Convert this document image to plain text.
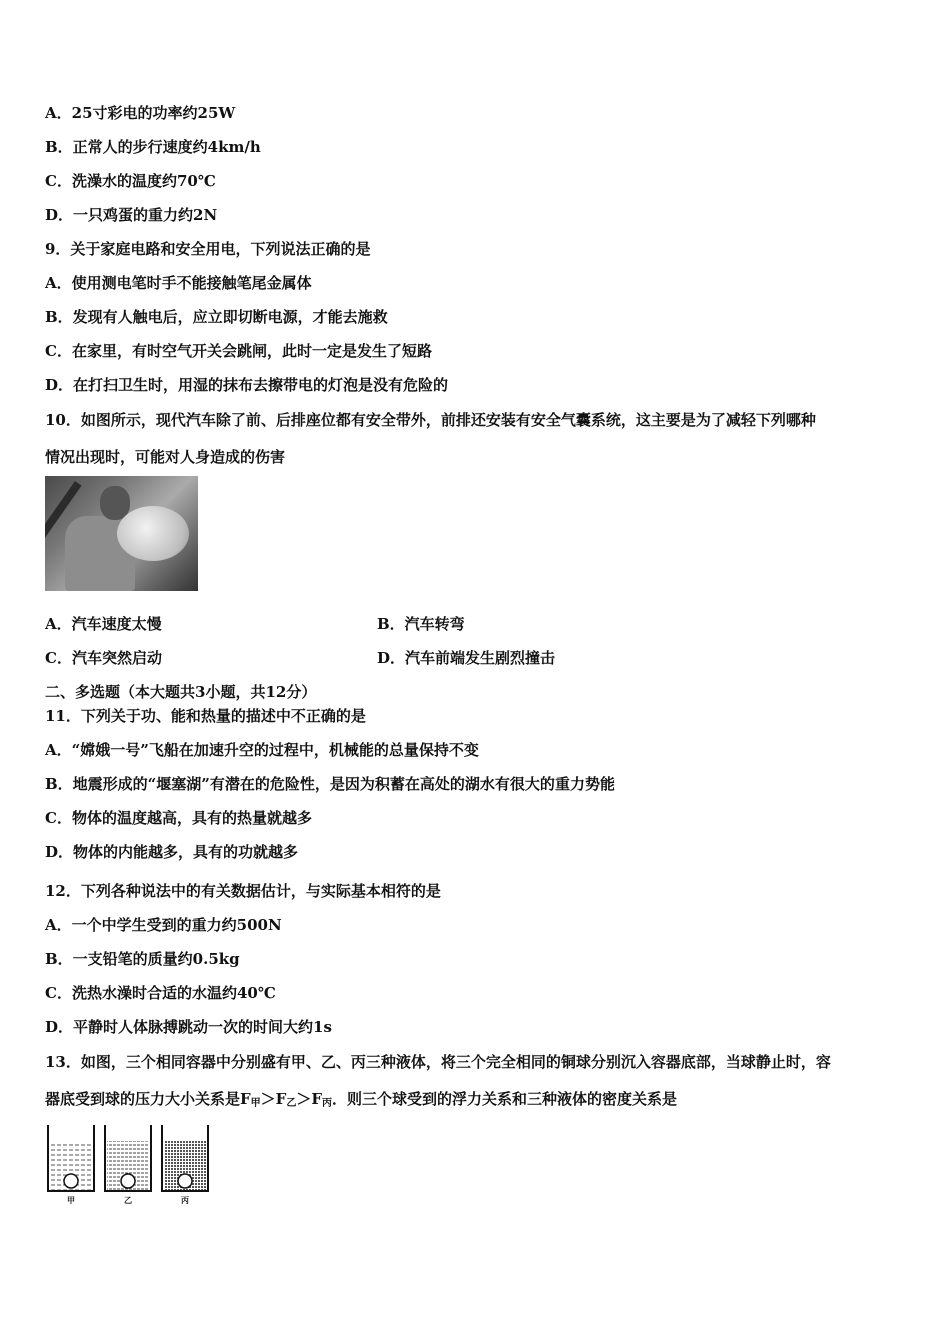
A．25寸彩电的功率约25W
B．正常人的步行速度约4km/h
C．洗澡水的温度约70℃
D．一只鸡蛋的重力约2N
9．关于家庭电路和安全用电，下列说法正确的是
A．使用测电笔时手不能接触笔尾金属体
B．发现有人触电后，应立即切断电源，才能去施救
C．在家里，有时空气开关会跳闸，此时一定是发生了短路
D．在打扫卫生时，用湿的抹布去擦带电的灯泡是没有危险的
10．如图所示，现代汽车除了前、后排座位都有安全带外，前排还安装有安全气囊系统，这主要是为了减轻下列哪种
情况出现时，可能对人身造成的伤害
A．汽车速度太慢	B．汽车转弯
C．汽车突然启动	D．汽车前端发生剧烈撞击
二、多选题（本大题共3小题，共12分）
11．下列关于功、能和热量的描述中不正确的是
A．“嫦娥一号”飞船在加速升空的过程中，机械能的总量保持不变
B．地震形成的“堰塞湖”有潜在的危险性，是因为积蓄在高处的湖水有很大的重力势能
C．物体的温度越高，具有的热量就越多
D．物体的内能越多，具有的功就越多
12．下列各种说法中的有关数据估计，与实际基本相符的是
A．一个中学生受到的重力约500N
B．一支铅笔的质量约0.5kg
C．洗热水澡时合适的水温约40℃
D．平静时人体脉搏跳动一次的时间大约1s
13．如图，三个相同容器中分别盛有甲、乙、丙三种液体，将三个完全相同的铜球分别沉入容器底部，当球静止时，容
器底受到球的压力大小关系是$F_甲>F_乙>F_丙$．则三个球受到的浮力关系和三种液体的密度关系是
甲	乙	丙
